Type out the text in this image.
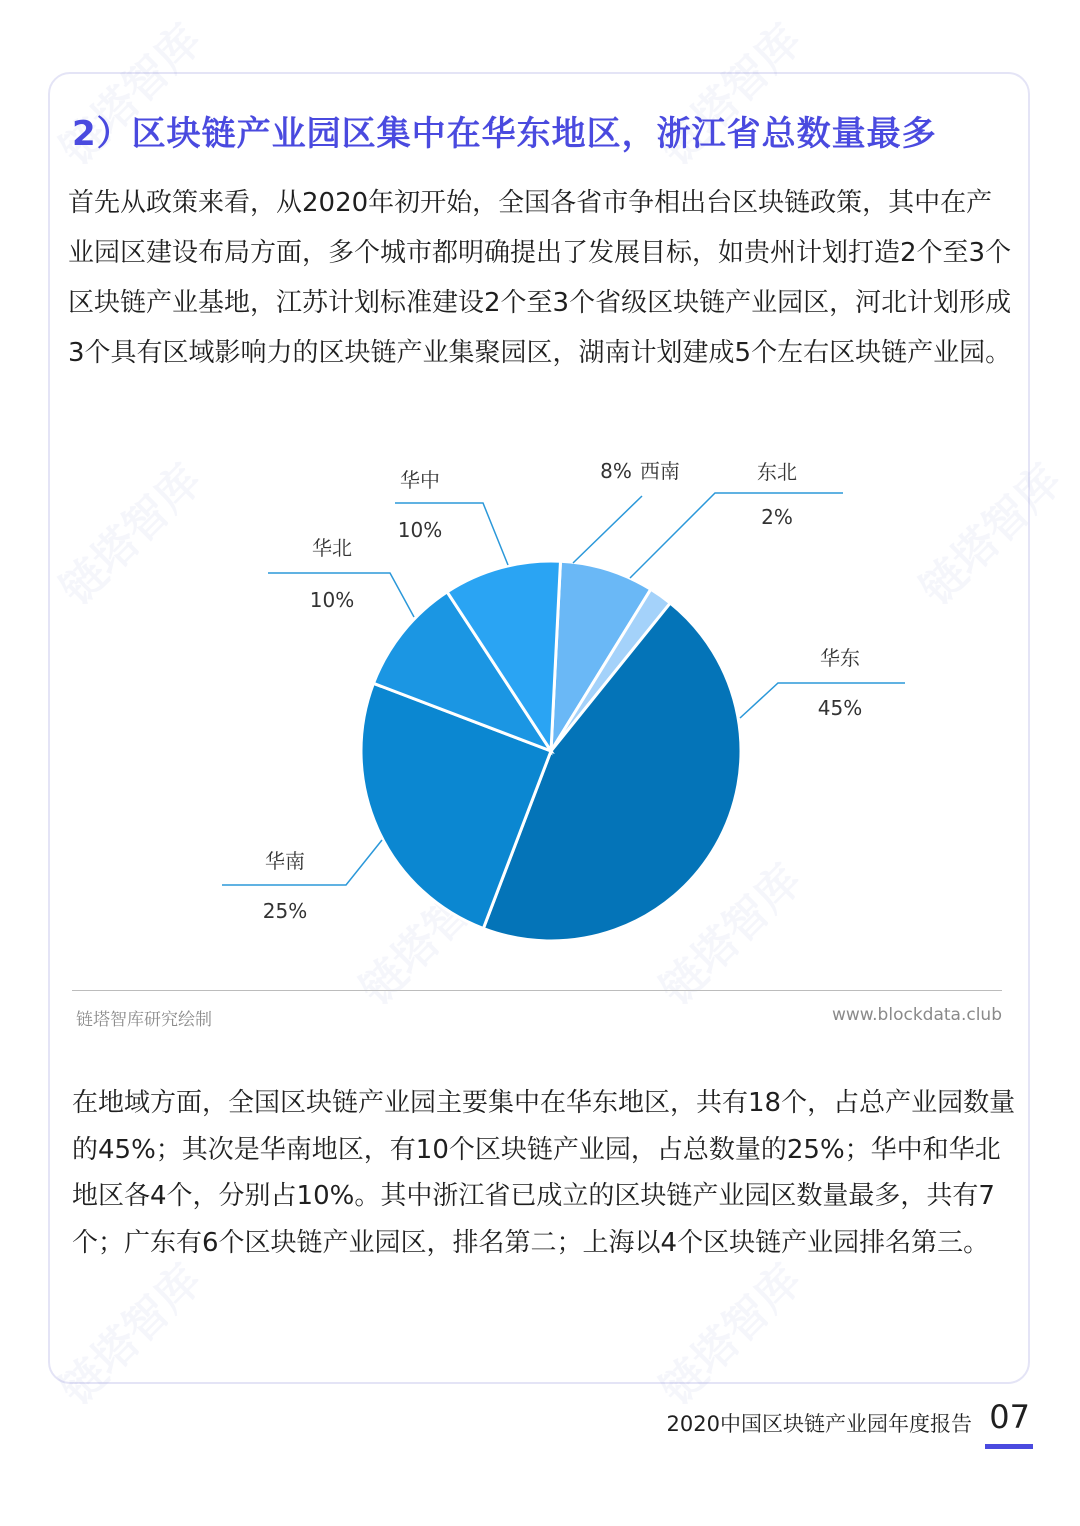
2）区块链产业园区集中在华东地区，浙江省总数量最多

首先从政策来看，从2020年初开始，全国各省市争相出台区块链政策，其中在产业园区建设布局方面，多个城市都明确提出了发展目标，如贵州计划打造2个至3个区块链产业基地，江苏计划标准建设2个至3个省级区块链产业园区，河北计划形成3个具有区域影响力的区块链产业集聚园区，湖南计划建成5个左右区块链产业园。

8% 西南	东北
2%
华东
45%
华南
25%
华北
10%
华中
10%
链塔智库研究绘制	www.blockdata.club

在地域方面，全国区块链产业园主要集中在华东地区，共有18个，占总产业园数量的45%；其次是华南地区，有10个区块链产业园，占总数量的25%；华中和华北地区各4个，分别占10%。其中浙江省已成立的区块链产业园区数量最多，共有7个；广东有6个区块链产业园区，排名第二；上海以4个区块链产业园排名第三。

2020中国区块链产业园年度报告 07
